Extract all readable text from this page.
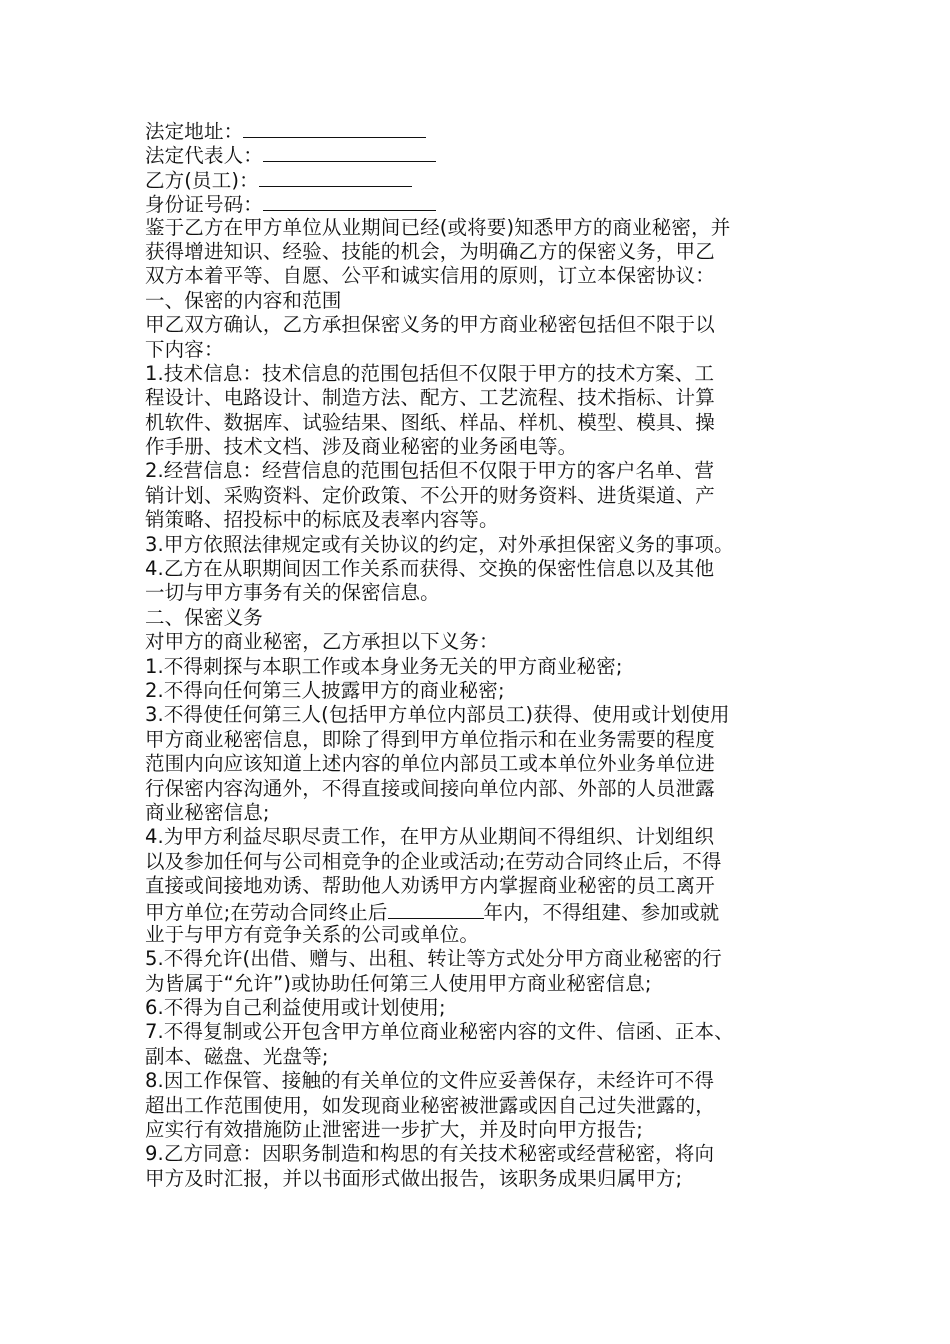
法定地址：
法定代表人：
乙方(员工)：
身份证号码：
鉴于乙方在甲方单位从业期间已经(或将要)知悉甲方的商业秘密，并
获得增进知识、经验、技能的机会，为明确乙方的保密义务，甲乙
双方本着平等、自愿、公平和诚实信用的原则，订立本保密协议：
一、保密的内容和范围
甲乙双方确认，乙方承担保密义务的甲方商业秘密包括但不限于以
下内容：
1.技术信息：技术信息的范围包括但不仅限于甲方的技术方案、工
程设计、电路设计、制造方法、配方、工艺流程、技术指标、计算
机软件、数据库、试验结果、图纸、样品、样机、模型、模具、操
作手册、技术文档、涉及商业秘密的业务函电等。
2.经营信息：经营信息的范围包括但不仅限于甲方的客户名单、营
销计划、采购资料、定价政策、不公开的财务资料、进货渠道、产
销策略、招投标中的标底及表率内容等。
3.甲方依照法律规定或有关协议的约定，对外承担保密义务的事项。
4.乙方在从职期间因工作关系而获得、交换的保密性信息以及其他
一切与甲方事务有关的保密信息。
二、保密义务
对甲方的商业秘密，乙方承担以下义务：
1.不得刺探与本职工作或本身业务无关的甲方商业秘密;
2.不得向任何第三人披露甲方的商业秘密;
3.不得使任何第三人(包括甲方单位内部员工)获得、使用或计划使用
甲方商业秘密信息，即除了得到甲方单位指示和在业务需要的程度
范围内向应该知道上述内容的单位内部员工或本单位外业务单位进
行保密内容沟通外，不得直接或间接向单位内部、外部的人员泄露
商业秘密信息;
4.为甲方利益尽职尽责工作，在甲方从业期间不得组织、计划组织
以及参加任何与公司相竞争的企业或活动;在劳动合同终止后，不得
直接或间接地劝诱、帮助他人劝诱甲方内掌握商业秘密的员工离开
甲方单位;在劳动合同终止后	年内，不得组建、参加或就
业于与甲方有竞争关系的公司或单位。
5.不得允许(出借、赠与、出租、转让等方式处分甲方商业秘密的行
为皆属于“允许”)或协助任何第三人使用甲方商业秘密信息;
6.不得为自己利益使用或计划使用;
7.不得复制或公开包含甲方单位商业秘密内容的文件、信函、正本、
副本、磁盘、光盘等;
8.因工作保管、接触的有关单位的文件应妥善保存，未经许可不得
超出工作范围使用，如发现商业秘密被泄露或因自己过失泄露的，
应实行有效措施防止泄密进一步扩大，并及时向甲方报告;
9.乙方同意：因职务制造和构思的有关技术秘密或经营秘密，将向
甲方及时汇报，并以书面形式做出报告，该职务成果归属甲方;
